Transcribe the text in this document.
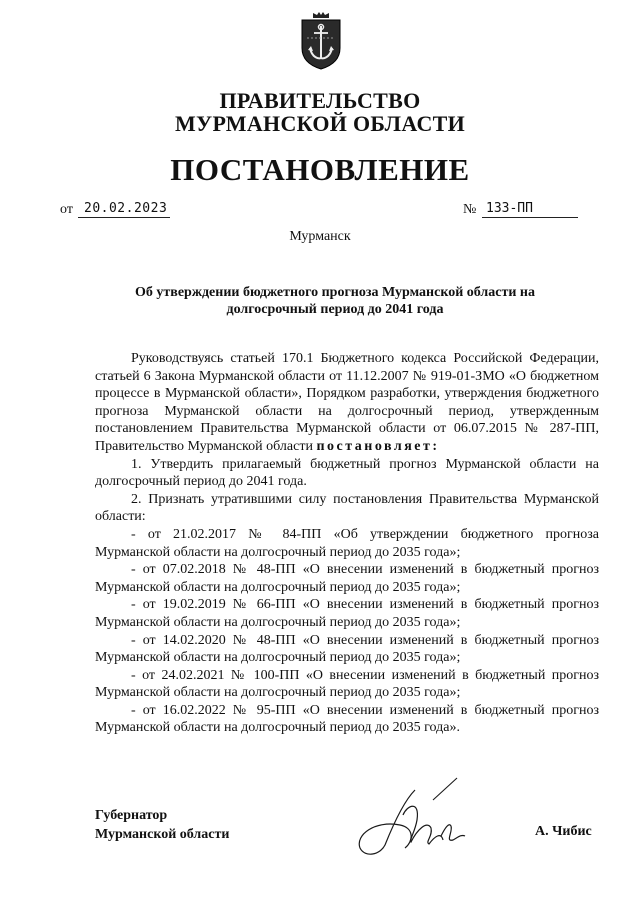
ПРАВИТЕЛЬСТВО
МУРМАНСКОЙ ОБЛАСТИ
ПОСТАНОВЛЕНИЕ
от 20.02.2023	№ 133-ПП
Мурманск
Об утверждении бюджетного прогноза Мурманской области на долгосрочный период до 2041 года

Руководствуясь статьей 170.1 Бюджетного кодекса Российской Федерации, статьей 6 Закона Мурманской области от 11.12.2007 № 919-01-ЗМО «О бюджетном процессе в Мурманской области», Порядком разработки, утверждения бюджетного прогноза Мурманской области на долгосрочный период, утвержденным постановлением Правительства Мурманской области от 06.07.2015 № 287-ПП, Правительство Мурманской области постановляет:

1. Утвердить прилагаемый бюджетный прогноз Мурманской области на долгосрочный период до 2041 года.

2. Признать утратившими силу постановления Правительства Мурманской области:

- от 21.02.2017 № 84-ПП «Об утверждении бюджетного прогноза Мурманской области на долгосрочный период до 2035 года»;

- от 07.02.2018 № 48-ПП «О внесении изменений в бюджетный прогноз Мурманской области на долгосрочный период до 2035 года»;

- от 19.02.2019 № 66-ПП «О внесении изменений в бюджетный прогноз Мурманской области на долгосрочный период до 2035 года»;

- от 14.02.2020 № 48-ПП «О внесении изменений в бюджетный прогноз Мурманской области на долгосрочный период до 2035 года»;

- от 24.02.2021 № 100-ПП «О внесении изменений в бюджетный прогноз Мурманской области на долгосрочный период до 2035 года»;

- от 16.02.2022 № 95-ПП «О внесении изменений в бюджетный прогноз Мурманской области на долгосрочный период до 2035 года».

Губернатор
Мурманской области	А. Чибис
